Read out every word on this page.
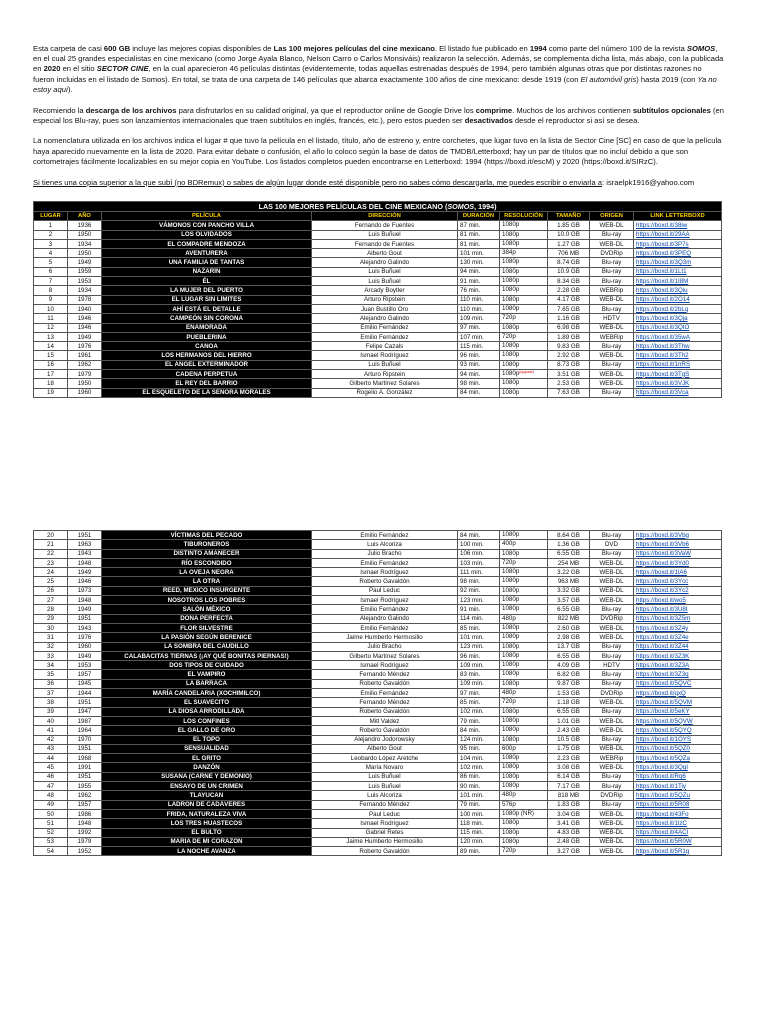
Esta carpeta de casi 600 GB incluye las mejores copias disponibles de Las 100 mejores películas del cine mexicano. El listado fue publicado en 1994 como parte del número 100 de la revista SOMOS, en el cual 25 grandes especialistas en cine mexicano (como Jorge Ayala Blanco, Nelson Carro o Carlos Monsiváis) realizaron la selección. Además, se complementa dicha lista, más abajo, con la publicada en 2020 en el sitio SECTOR CINE, en la cual aparecieron 46 películas distintas (evidentemente, todas aquellas estrenadas después de 1994, pero también algunas otras que por distintas razones no fueron incluidas en el listado de Somos). En total, se trata de una carpeta de 146 películas que abarca exactamente 100 años de cine mexicano: desde 1919 (con El automóvil gris) hasta 2019 (con Ya no estoy aquí).

Recomiendo la descarga de los archivos para disfrutarlos en su calidad original, ya que el reproductor online de Google Drive los comprime. Muchos de los archivos contienen subtítulos opcionales (en especial los Blu-ray, pues son lanzamientos internacionales que traen subtítulos en inglés, francés, etc.), pero estos pueden ser desactivados desde el reproductor si así se desea.

La nomenclatura utilizada en los archivos indica el lugar # que tuvo la película en el listado, título, año de estreno y, entre corchetes, que lugar tuvo en la lista de Sector Cine [SC] en caso de que la película haya aparecido nuevamente en la lista de 2020. Para evitar debate o confusión, el año lo coloco según la base de datos de TMDB/Letterboxd; hay un par de títulos que no incluí debido a que son cortometrajes fácilmente localizables en su mejor copia en YouTube. Los listados completos pueden encontrarse en Letterboxd: 1994 (https://boxd.it/escM) y 2020 (https://boxd.it/SIRzC).

Si tienes una copia superior a la que subí (no BDRemux) o sabes de algún lugar donde esté disponible pero no sabes cómo descargarla, me puedes escribir o enviarla a: israelpk1916@yahoo.com

LAS 100 MEJORES PELÍCULAS DEL CINE MEXICANO (SOMOS, 1994)								
LUGAR	AÑO	PELÍCULA	DIRECCIÓN	DURACIÓN	RESOLUCIÓN	TAMAÑO	ORIGEN	LINK LETTERBOXD
1	1936	VÁMONOS CON PANCHO VILLA	Fernando de Fuentes	87 min.	1080p	1.85 GB	WEB-DL	https://boxd.it/38iw
2	1950	LOS OLVIDADOS	Luis Buñuel	81 min.	1080p	10.0 GB	Blu-ray	https://boxd.it/29AA
3	1934	EL COMPADRE MENDOZA	Fernando de Fuentes	81 min.	1080p	1.27 GB	WEB-DL	https://boxd.it/3P7s
4	1950	AVENTURERA	Alberto Gout	101 min.	384p	706 MB	DVDRip	https://boxd.it/3PEQ
5	1949	UNA FAMILIA DE TANTAS	Alejandro Galindo	130 min.	1080p	8.74 GB	Blu-ray	https://boxd.it/3Q3m
6	1959	NAZARÍN	Luis Buñuel	94 min.	1080p	10.9 GB	Blu-ray	https://boxd.it/1Lt1
7	1953	ÉL	Luis Buñuel	91 min.	1080p	8.34 GB	Blu-ray	https://boxd.it/1I8M
8	1934	LA MUJER DEL PUERTO	Arcady Boytler	76 min.	1080p	2.28 GB	WEBRip	https://boxd.it/3Qiu
9	1978	EL LUGAR SIN LÍMITES	Arturo Ripstein	110 min.	1080p	4.17 GB	WEB-DL	https://boxd.it/2O14
10	1940	AHÍ ESTÁ EL DETALLE	Juan Bustillo Oro	110 min.	1080p	7.65 GB	Blu-ray	https://boxd.it/2bLq
11	1946	CAMPEÓN SIN CORONA	Alejandro Galindo	109 min.	720p	1.16 GB	HDTV	https://boxd.it/3Qja
12	1946	ENAMORADA	Emilio Fernández	97 min.	1080p	6.98 GB	WEB-DL	https://boxd.it/3QIO
13	1949	PUEBLERINA	Emilio Fernández	107 min.	720p	1.89 GB	WEBRip	https://boxd.it/35wA
14	1976	CANOA	Felipe Cazals	115 min.	1080p	9.83 GB	Blu-ray	https://boxd.it/3Thw
15	1961	LOS HERMANOS DEL HIERRO	Ismael Rodríguez	96 min.	1080p	2.92 GB	WEB-DL	https://boxd.it/3Th2
16	1962	EL ÁNGEL EXTERMINADOR	Luis Buñuel	93 min.	1080p	8.73 GB	Blu-ray	https://boxd.it/1nRS
17	1979	CADENA PERPETUA	Arturo Ripstein	94 min.	$1080p^{(upgrade)}$	3.51 GB	WEB-DL	https://boxd.it/3TgS
18	1950	EL REY DEL BARRIO	Gilberto Martínez Solares	98 min.	1080p	2.53 GB	WEB-DL	https://boxd.it/3VJK
19	1960	EL ESQUELETO DE LA SEÑORA MORALES	Rogelio A. González	84 min.	1080p	7.63 GB	Blu-ray	https://boxd.it/3Vca
20	1951	VÍCTIMAS DEL PECADO	Emilio Fernández	84 min.	1080p	8.64 GB	Blu-ray	https://boxd.it/3Vbg
21	1963	TIBURONEROS	Luis Alcoriza	100 min.	400p	1.36 GB	DVD	https://boxd.it/3Vb6
22	1943	DISTINTO AMANECER	Julio Bracho	106 min.	1080p	6.55 GB	Blu-ray	https://boxd.it/3VaW
23	1948	RÍO ESCONDIDO	Emilio Fernández	103 min.	720p	254 MB	WEB-DL	https://boxd.it/3Yd0
24	1949	LA OVEJA NEGRA	Ismael Rodríguez	111 min.	1080p	3.22 GB	WEB-DL	https://boxd.it/1lA6
25	1946	LA OTRA	Roberto Gavaldón	98 min.	1080p	963 MB	WEB-DL	https://boxd.it/3Ycc
26	1973	REED, MÉXICO INSURGENTE	Paul Leduc	92 min.	1080p	3.32 GB	WEB-DL	https://boxd.it/3Yc2
27	1948	NOSOTROS LOS POBRES	Ismael Rodríguez	123 min.	1080p	3.57 GB	WEB-DL	https://boxd.it/wo5
28	1949	SALÓN MÉXICO	Emilio Fernández	91 min.	1080p	6.55 GB	Blu-ray	https://boxd.it/3U8I
29	1951	DOÑA PERFECTA	Alejandro Galindo	114 min.	480p	822 MB	DVDRip	https://boxd.it/3Z5m
30	1943	FLOR SILVESTRE	Emilio Fernández	85 min.	1080p	2.60 GB	WEB-DL	https://boxd.it/3Z4y
31	1976	LA PASIÓN SEGÚN BERENICE	Jaime Humberto Hermosillo	101 min.	1080p	2.98 GB	WEB-DL	https://boxd.it/3Z4e
32	1960	LA SOMBRA DEL CAUDILLO	Julio Bracho	123 min.	1080p	13.7 GB	Blu-ray	https://boxd.it/3Z44
33	1949	CALABACITAS TIERNAS (¡AY QUÉ BONITAS PIERNAS!)	Gilberto Martínez Solares	96 min.	1080p	6.55 GB	Blu-ray	https://boxd.it/3Z3K
34	1953	DOS TIPOS DE CUIDADO	Ismael Rodríguez	109 min.	1080p	4.09 GB	HDTV	https://boxd.it/3Z3A
35	1957	EL VAMPIRO	Fernando Méndez	83 min.	1080p	6.82 GB	Blu-ray	https://boxd.it/3Z3q
36	1945	LA BARRACA	Roberto Gavaldón	109 min.	1080p	9.87 GB	Blu-ray	https://boxd.it/5QVC
37	1944	MARÍA CANDELARIA (XOCHIMILCO)	Emilio Fernández	97 min.	480p	1.53 GB	DVDRip	https://boxd.it/qxQ
38	1951	EL SUAVECITO	Fernando Méndez	85 min.	720p	1.18 GB	WEB-DL	https://boxd.it/5QVM
39	1947	LA DIOSA ARRODILLADA	Roberto Gavaldón	102 min.	1080p	6.55 GB	Blu-ray	https://boxd.it/5eKY
40	1987	LOS CONFINES	Mitl Valdez	79 min.	1080p	1.01 GB	WEB-DL	https://boxd.it/5QVW
41	1964	EL GALLO DE ORO	Roberto Gavaldón	84 min.	1080p	2.43 GB	WEB-DL	https://boxd.it/5QYQ
42	1970	EL TOPO	Alejandro Jodorowsky	124 min.	1080p	10.5 GB	Blu-ray	https://boxd.it/1OYS
43	1951	SENSUALIDAD	Alberto Gout	95 min.	600p	1.75 GB	WEB-DL	https://boxd.it/5QZ0
44	1968	EL GRITO	Leobardo López Aretche	104 min.	1080p	2.23 GB	WEBRip	https://boxd.it/5QZa
45	1991	DANZÓN	María Novaro	102 min.	1080p	3.08 GB	WEB-DL	https://boxd.it/3QgI
46	1951	SUSANA (CARNE Y DEMONIO)	Luis Buñuel	86 min.	1080p	6.14 GB	Blu-ray	https://boxd.it/Rq6
47	1955	ENSAYO DE UN CRIMEN	Luis Buñuel	90 min.	1080p	7.17 GB	Blu-ray	https://boxd.it/1Tiy
48	1962	TLAYUCAN	Luis Alcoriza	101 min.	480p	818 MB	DVDRip	https://boxd.it/5QZu
49	1957	LADRÓN DE CADÁVERES	Fernando Méndez	79 min.	576p	1.83 GB	Blu-ray	https://boxd.it/5R08
50	1986	FRIDA, NATURALEZA VIVA	Paul Leduc	100 min.	1080p (NR)	3.04 GB	WEB-DL	https://boxd.it/43Fo
51	1948	LOS TRES HUASTECOS	Ismael Rodríguez	118 min.	1080p	3.41 GB	WEB-DL	https://boxd.it/1lzC
52	1992	EL BULTO	Gabriel Retes	115 min.	1080p	4.83 GB	WEB-DL	https://boxd.it/4ACI
53	1979	MARÍA DE MI CORAZÓN	Jaime Humberto Hermosillo	120 min.	1080p	2.48 GB	WEB-DL	https://boxd.it/5R0W
54	1952	LA NOCHE AVANZA	Roberto Gavaldón	89 min.	720p	3.27 GB	WEB-DL	https://boxd.it/5R1g
